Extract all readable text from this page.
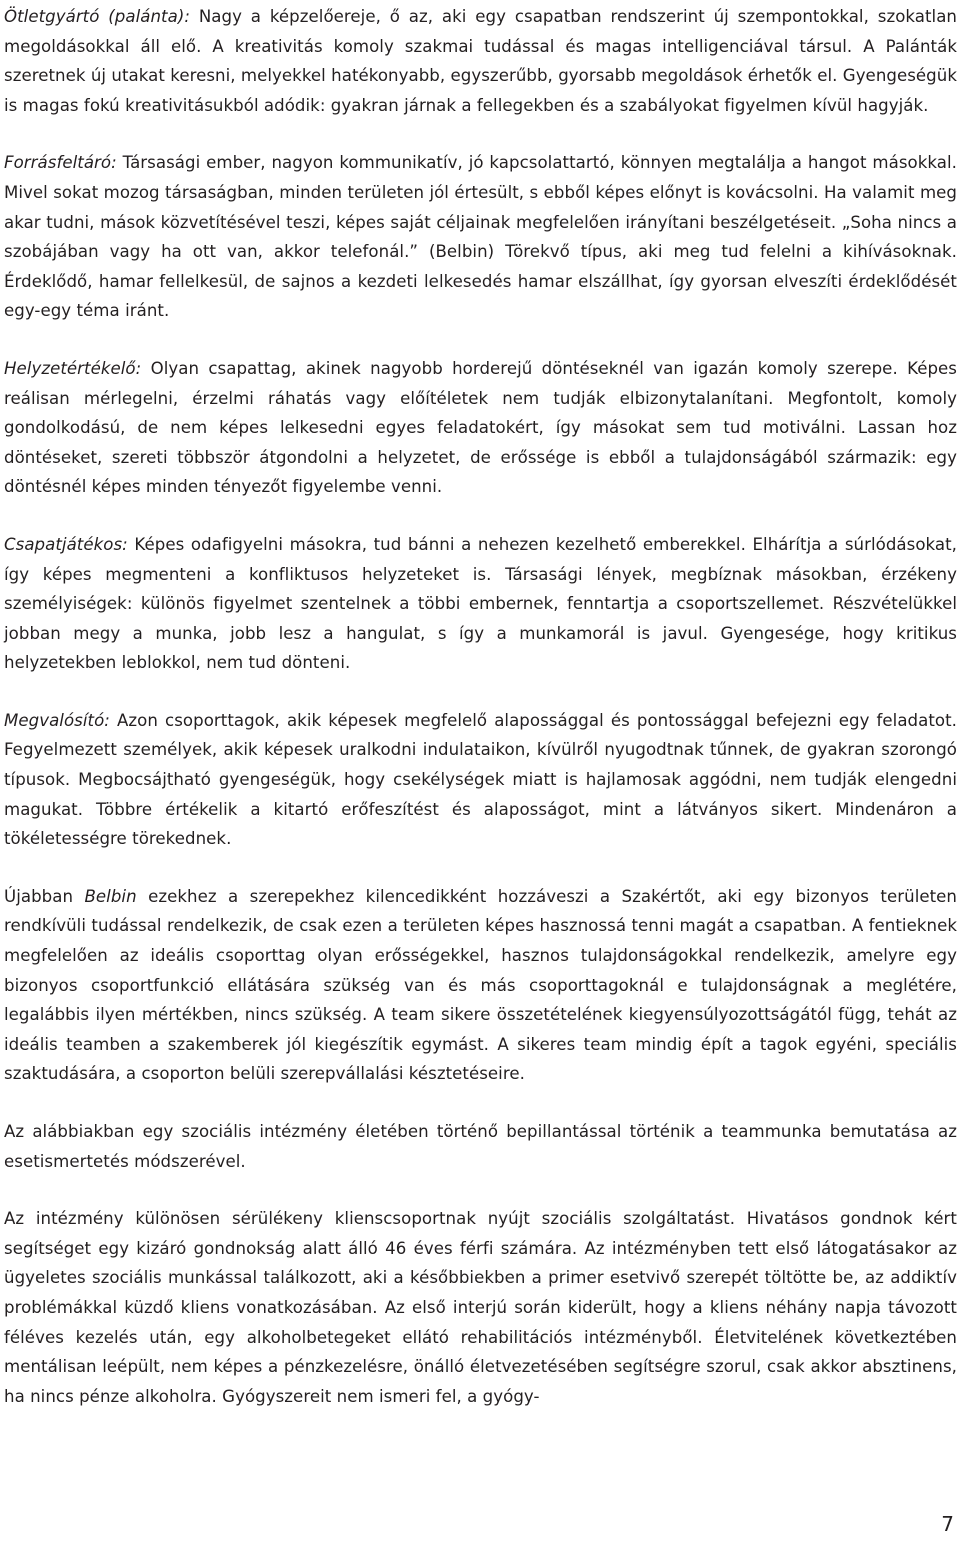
Ötletgyártó (palánta): Nagy a képzelőereje, ő az, aki egy csapatban rendszerint új szempontokkal, szokatlan megoldásokkal áll elő. A kreativitás komoly szakmai tudással és magas intelligenciával társul. A Palánták szeretnek új utakat keresni, melyekkel hatékonyabb, egyszerűbb, gyorsabb megoldások érhetők el. Gyengeségük is magas fokú kreativitásukból adódik: gyakran járnak a fellegekben és a szabályokat figyelmen kívül hagyják.

Forrásfeltáró: Társasági ember, nagyon kommunikatív, jó kapcsolattartó, könnyen megtalálja a hangot másokkal. Mivel sokat mozog társaságban, minden területen jól értesült, s ebből képes előnyt is kovácsolni. Ha valamit meg akar tudni, mások közvetítésével teszi, képes saját céljainak megfelelően irányítani beszélgetéseit. „Soha nincs a szobájában vagy ha ott van, akkor telefonál.” (Belbin) Törekvő típus, aki meg tud felelni a kihívásoknak. Érdeklődő, hamar fellelkesül, de sajnos a kezdeti lelkesedés hamar elszállhat, így gyorsan elveszíti érdeklődését egy-egy téma iránt.

Helyzetértékelő: Olyan csapattag, akinek nagyobb horderejű döntéseknél van igazán komoly szerepe. Képes reálisan mérlegelni, érzelmi ráhatás vagy előítéletek nem tudják elbizonytalanítani. Megfontolt, komoly gondolkodású, de nem képes lelkesedni egyes feladatokért, így másokat sem tud motiválni. Lassan hoz döntéseket, szereti többször átgondolni a helyzetet, de erőssége is ebből a tulajdonságából származik: egy döntésnél képes minden tényezőt figyelembe venni.

Csapatjátékos: Képes odafigyelni másokra, tud bánni a nehezen kezelhető emberekkel. Elhárítja a súrlódásokat, így képes megmenteni a konfliktusos helyzeteket is. Társasági lények, megbíznak másokban, érzékeny személyiségek: különös figyelmet szentelnek a többi embernek, fenntartja a csoportszellemet. Részvételükkel jobban megy a munka, jobb lesz a hangulat, s így a munkamorál is javul. Gyengesége, hogy kritikus helyzetekben leblokkol, nem tud dönteni.

Megvalósító: Azon csoporttagok, akik képesek megfelelő alapossággal és pontossággal befejezni egy feladatot. Fegyelmezett személyek, akik képesek uralkodni indulataikon, kívülről nyugodtnak tűnnek, de gyakran szorongó típusok. Megbocsájtható gyengeségük, hogy csekélységek miatt is hajlamosak aggódni, nem tudják elengedni magukat. Többre értékelik a kitartó erőfeszítést és alaposságot, mint a látványos sikert. Mindenáron a tökéletességre törekednek.

Újabban Belbin ezekhez a szerepekhez kilencedikként hozzáveszi a Szakértőt, aki egy bizonyos területen rendkívüli tudással rendelkezik, de csak ezen a területen képes hasznossá tenni magát a csapatban. A fentieknek megfelelően az ideális csoporttag olyan erősségekkel, hasznos tulajdonságokkal rendelkezik, amelyre egy bizonyos csoportfunkció ellátására szükség van és más csoporttagoknál e tulajdonságnak a meglétére, legalábbis ilyen mértékben, nincs szükség. A team sikere összetételének kiegyensúlyozottságától függ, tehát az ideális teamben a szakemberek jól kiegészítik egymást. A sikeres team mindig épít a tagok egyéni, speciális szaktudására, a csoporton belüli szerepvállalási késztetéseire.

Az alábbiakban egy szociális intézmény életében történő bepillantással történik a teammunka bemutatása az esetismertetés módszerével.

Az intézmény különösen sérülékeny klienscsoportnak nyújt szociális szolgáltatást. Hivatásos gondnok kért segítséget egy kizáró gondnokság alatt álló 46 éves férfi számára. Az intézményben tett első látogatásakor az ügyeletes szociális munkással találkozott, aki a későbbiekben a primer esetvivő szerepét töltötte be, az addiktív problémákkal küzdő kliens vonatkozásában. Az első interjú során kiderült, hogy a kliens néhány napja távozott féléves kezelés után, egy alkoholbetegeket ellátó rehabilitációs intézményből. Életvitelének következtében mentálisan leépült, nem képes a pénzkezelésre, önálló életvezetésében segítségre szorul, csak akkor absztinens, ha nincs pénze alkoholra. Gyógyszereit nem ismeri fel, a gyógy-

7
